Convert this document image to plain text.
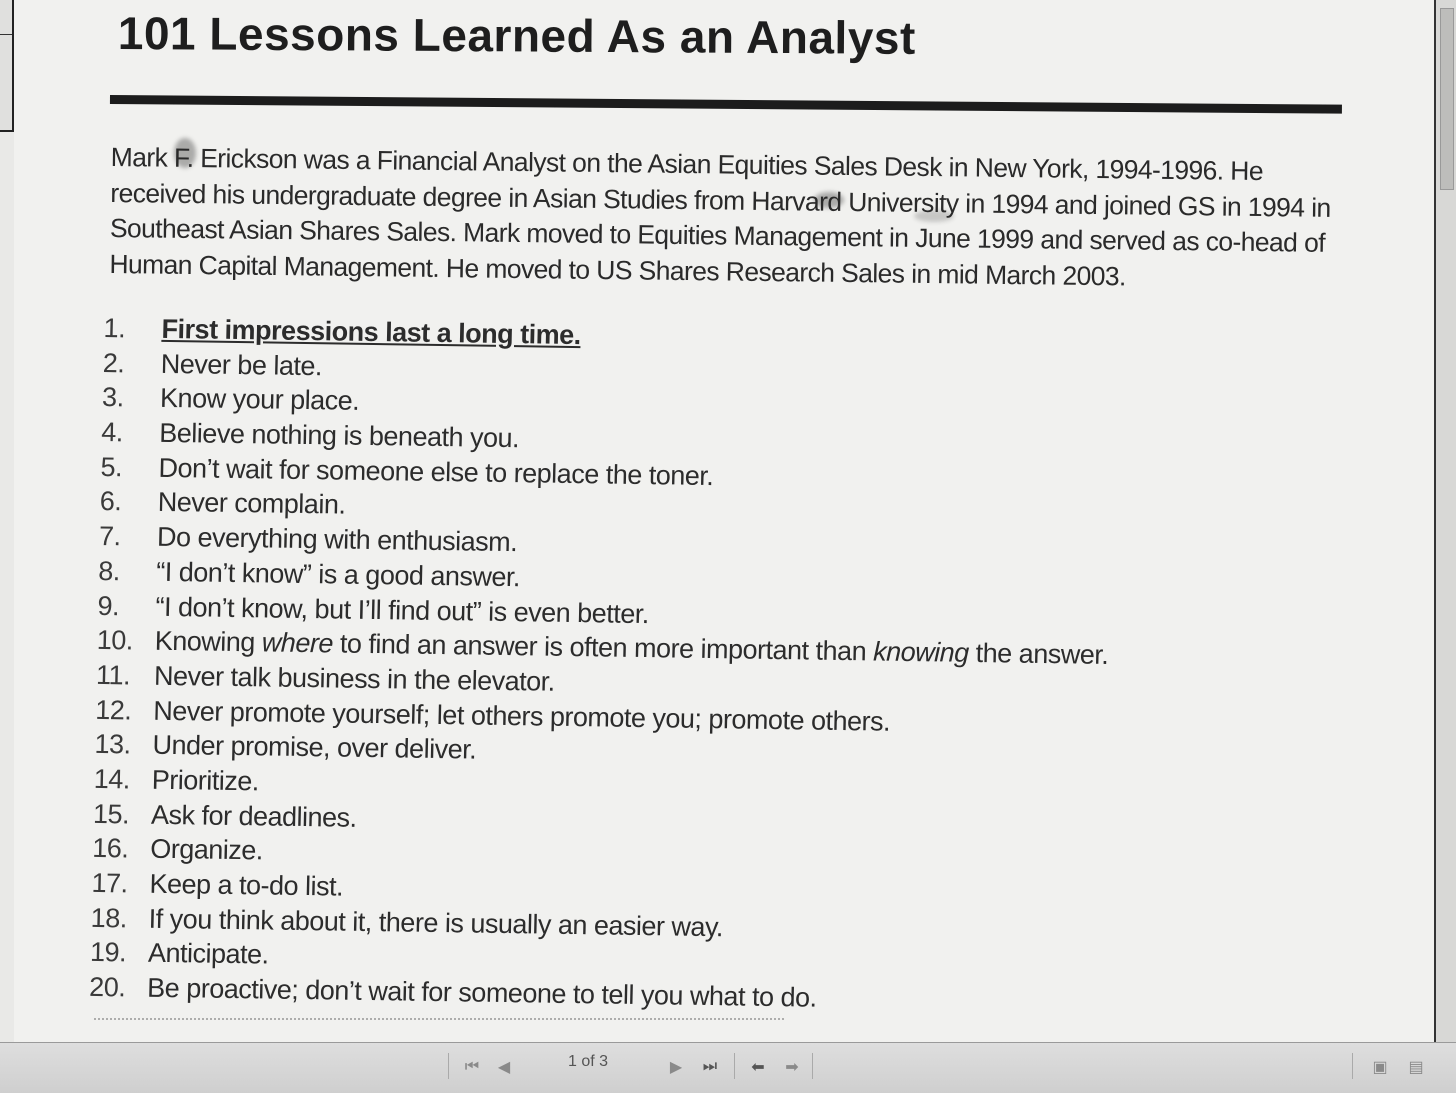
101 Lessons Learned As an Analyst
Mark F. Erickson was a Financial Analyst on the Asian Equities Sales Desk in New York, 1994-1996. He
received his undergraduate degree in Asian Studies from Harvard University in 1994 and joined GS in 1994 in
Southeast Asian Shares Sales. Mark moved to Equities Management in June 1999 and served as co-head of
Human Capital Management. He moved to US Shares Research Sales in mid March 2003.
1. First impressions last a long time.
2. Never be late.
3. Know your place.
4. Believe nothing is beneath you.
5. Don’t wait for someone else to replace the toner.
6. Never complain.
7. Do everything with enthusiasm.
8. “I don’t know” is a good answer.
9. “I don’t know, but I’ll find out” is even better.
10. Knowing where to find an answer is often more important than knowing the answer.
11. Never talk business in the elevator.
12. Never promote yourself; let others promote you; promote others.
13. Under promise, over deliver.
14. Prioritize.
15. Ask for deadlines.
16. Organize.
17. Keep a to-do list.
18. If you think about it, there is usually an easier way.
19. Anticipate.
20. Be proactive; don’t wait for someone to tell you what to do.
⏮	◀	1 of 3	▶	⏭	⬅	➡	▣	▤
